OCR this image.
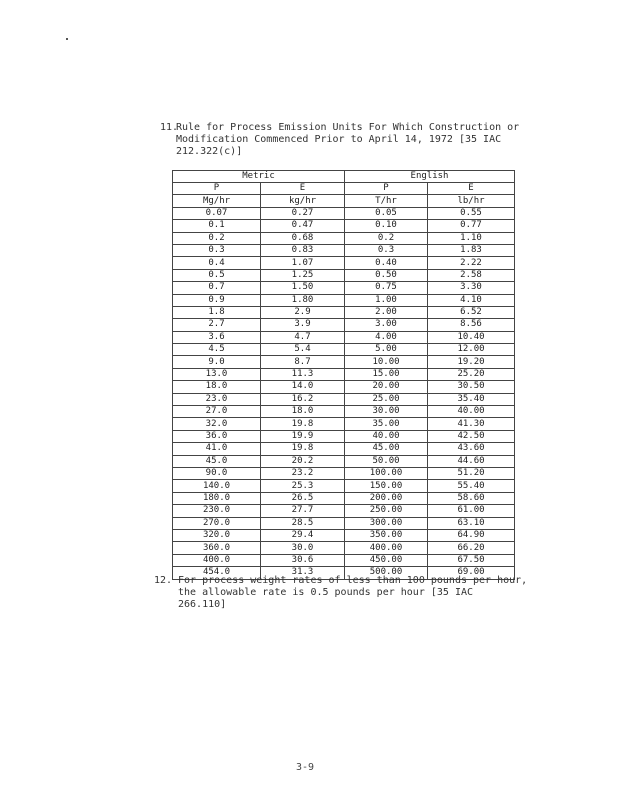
11.
Rule for Process Emission Units For Which Construction or
Modification Commenced Prior to April 14, 1972 [35 IAC
212.322(c)]
Metric		English	
P	E	P	E
Mg/hr	kg/hr	T/hr	lb/hr
0.07	0.27	0.05	0.55
0.1	0.47	0.10	0.77
0.2	0.68	0.2	1.10
0.3	0.83	0.3	1.83
0.4	1.07	0.40	2.22
0.5	1.25	0.50	2.58
0.7	1.50	0.75	3.30
0.9	1.80	1.00	4.10
1.8	2.9	2.00	6.52
2.7	3.9	3.00	8.56
3.6	4.7	4.00	10.40
4.5	5.4	5.00	12.00
9.0	8.7	10.00	19.20
13.0	11.3	15.00	25.20
18.0	14.0	20.00	30.50
23.0	16.2	25.00	35.40
27.0	18.0	30.00	40.00
32.0	19.8	35.00	41.30
36.0	19.9	40.00	42.50
41.0	19.8	45.00	43.60
45.0	20.2	50.00	44.60
90.0	23.2	100.00	51.20
140.0	25.3	150.00	55.40
180.0	26.5	200.00	58.60
230.0	27.7	250.00	61.00
270.0	28.5	300.00	63.10
320.0	29.4	350.00	64.90
360.0	30.0	400.00	66.20
400.0	30.6	450.00	67.50
454.0	31.3	500.00	69.00
12. For process weight rates of less than 100 pounds per hour,
the allowable rate is 0.5 pounds per hour [35 IAC
266.110]
3-9
